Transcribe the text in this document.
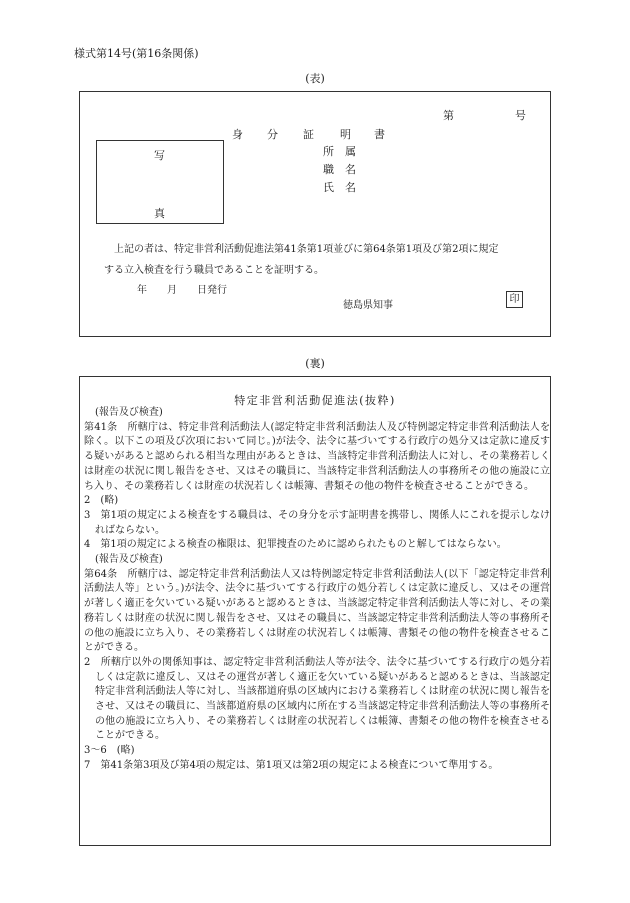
様式第14号(第16条関係)
(表)
第	号
身 分 証 明 書
写
真
所　属
職　名
氏　名
　上記の者は、特定非営利活動促進法第41条第1項並びに第64条第1項及び第2項に規定
する立入検査を行う職員であることを証明する。
年　　月　　日発行
徳島県知事
印
(裏)
特定非営利活動促進法(抜粋)

(報告及び検査)

第41条　所轄庁は、特定非営利活動法人(認定特定非営利活動法人及び特例認定特定非営利活動法人を除く。以下この項及び次項において同じ。)が法令、法令に基づいてする行政庁の処分又は定款に違反する疑いがあると認められる相当な理由があるときは、当該特定非営利活動法人に対し、その業務若しくは財産の状況に関し報告をさせ、又はその職員に、当該特定非営利活動法人の事務所その他の施設に立ち入り、その業務若しくは財産の状況若しくは帳簿、書類その他の物件を検査させることができる。

2　(略)

3　第1項の規定による検査をする職員は、その身分を示す証明書を携帯し、関係人にこれを提示しなければならない。

4　第1項の規定による検査の権限は、犯罪捜査のために認められたものと解してはならない。

(報告及び検査)

第64条　所轄庁は、認定特定非営利活動法人又は特例認定特定非営利活動法人(以下「認定特定非営利活動法人等」という。)が法令、法令に基づいてする行政庁の処分若しくは定款に違反し、又はその運営が著しく適正を欠いている疑いがあると認めるときは、当該認定特定非営利活動法人等に対し、その業務若しくは財産の状況に関し報告をさせ、又はその職員に、当該認定特定非営利活動法人等の事務所その他の施設に立ち入り、その業務若しくは財産の状況若しくは帳簿、書類その他の物件を検査させることができる。

2　所轄庁以外の関係知事は、認定特定非営利活動法人等が法令、法令に基づいてする行政庁の処分若しくは定款に違反し、又はその運営が著しく適正を欠いている疑いがあると認めるときは、当該認定特定非営利活動法人等に対し、当該都道府県の区域内における業務若しくは財産の状況に関し報告をさせ、又はその職員に、当該都道府県の区域内に所在する当該認定特定非営利活動法人等の事務所その他の施設に立ち入り、その業務若しくは財産の状況若しくは帳簿、書類その他の物件を検査させることができる。

3〜6　(略)

7　第41条第3項及び第4項の規定は、第1項又は第2項の規定による検査について準用する。
